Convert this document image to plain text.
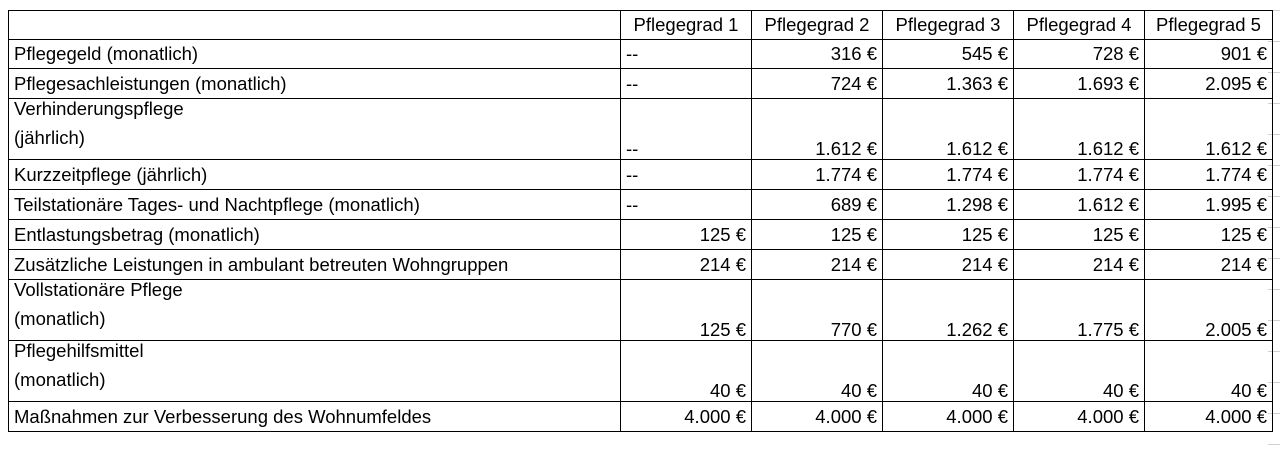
	Pflegegrad 1	Pflegegrad 2	Pflegegrad 3	Pflegegrad 4	Pflegegrad 5

Pflegegeld (monatlich)	--	316 €	545 €	728 €	901 €

Pflegesachleistungen (monatlich)	--	724 €	1.363 €	1.693 €	2.095 €

Verhinderungspflege
(jährlich)	--	1.612 €	1.612 €	1.612 €	1.612 €

Kurzzeitpflege (jährlich)	--	1.774 €	1.774 €	1.774 €	1.774 €

Teilstationäre Tages- und Nachtpflege (monatlich)	--	689 €	1.298 €	1.612 €	1.995 €

Entlastungsbetrag (monatlich)	125 €	125 €	125 €	125 €	125 €

Zusätzliche Leistungen in ambulant betreuten Wohngruppen	214 €	214 €	214 €	214 €	214 €

Vollstationäre Pflege
(monatlich)	125 €	770 €	1.262 €	1.775 €	2.005 €

Pflegehilfsmittel
(monatlich)	40 €	40 €	40 €	40 €	40 €

Maßnahmen zur Verbesserung des Wohnumfeldes	4.000 €	4.000 €	4.000 €	4.000 €	4.000 €
